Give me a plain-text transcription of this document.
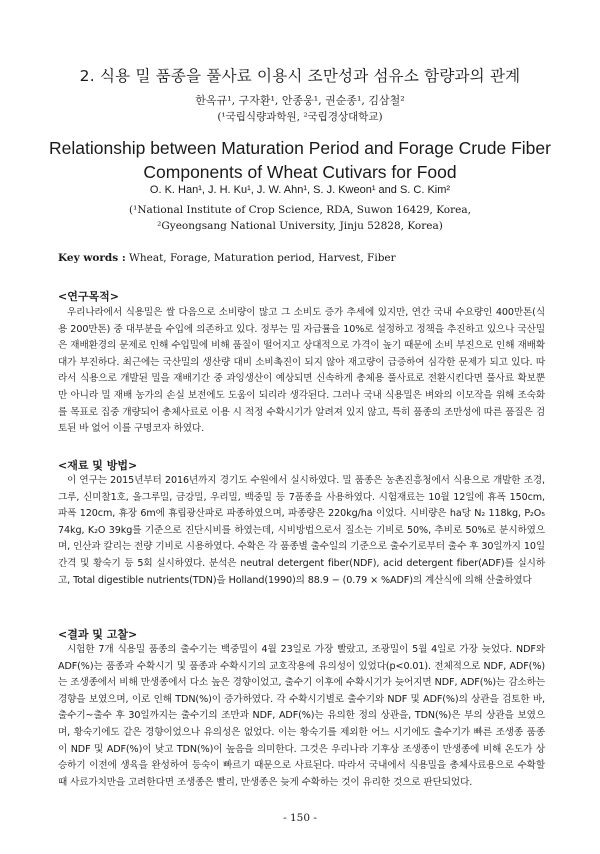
2. 식용 밀 품종을 풀사료 이용시 조만성과 섬유소 함량과의 관계
한옥규¹, 구자환¹, 안종웅¹, 권순종¹, 김삼철²
(¹국립식량과학원, ²국립경상대학교)
Relationship between Maturation Period and Forage Crude Fiber
Components of Wheat Cutivars for Food
O. K. Han¹, J. H. Ku¹, J. W. Ahn¹, S. J. Kweon¹ and S. C. Kim²
(¹National Institute of Crop Science, RDA, Suwon 16429, Korea,
²Gyeongsang National University, Jinju 52828, Korea)
Key words : Wheat, Forage, Maturation period, Harvest, Fiber
<연구목적>
우리나라에서 식용밀은 쌀 다음으로 소비량이 많고 그 소비도 증가 추세에 있지만, 연간 국내 수요량인 400만톤(식용 200만톤) 중 대부분을 수입에 의존하고 있다. 정부는 밀 자급률을 10%로 설정하고 정책을 추진하고 있으나 국산밀은 재배환경의 문제로 인해 수입밀에 비해 품질이 떨어지고 상대적으로 가격이 높기 때문에 소비 부진으로 인해 재배확대가 부진하다. 최근에는 국산밀의 생산량 대비 소비촉진이 되지 않아 재고량이 급증하여 심각한 문제가 되고 있다. 따라서 식용으로 개발된 밀을 재배기간 중 과잉생산이 예상되면 신속하게 총체용 풀사료로 전환시킨다면 풀사료 확보뿐만 아니라 밀 재배 농가의 손실 보전에도 도움이 되리라 생각된다. 그러나 국내 식용밀은 벼와의 이모작을 위해 조숙화를 목표로 집중 개량되어 총체사료로 이용 시 적정 수확시기가 알려져 있지 않고, 특히 품종의 조만성에 따른 품질은 검토된 바 없어 이를 구명코자 하였다.
<재료 및 방법>
이 연구는 2015년부터 2016년까지 경기도 수원에서 실시하였다. 밀 품종은 농촌진흥청에서 식용으로 개발한 조경, 그루, 신미찰1호, 올그루밀, 금강밀, 우리밀, 백중밀 등 7품종을 사용하였다. 시험재료는 10월 12일에 휴폭 150cm, 파폭 120cm, 휴장 6m에 휴립광산파로 파종하였으며, 파종량은 220kg/ha 이었다. 시비량은 ha당 N₂ 118kg, P₂O₅ 74kg, K₂O 39kg를 기준으로 진단시비를 하였는데, 시비방법으로서 질소는 기비로 50%, 추비로 50%로 분시하였으며, 인산과 칼리는 전량 기비로 시용하였다. 수확은 각 품종별 출수일의 기준으로 출수기로부터 출수 후 30일까지 10일 간격 및 황숙기 등 5회 실시하였다. 분석은 neutral detergent fiber(NDF), acid detergent fiber(ADF)를 실시하고, Total digestible nutrients(TDN)을 Holland(1990)의 88.9 − (0.79 × %ADF)의 계산식에 의해 산출하였다
<결과 및 고찰>
시험한 7개 식용밀 품종의 출수기는 백중밀이 4월 23일로 가장 빨랐고, 조광밀이 5월 4일로 가장 늦었다. NDF와 ADF(%)는 품종과 수확시기 및 품종과 수확시기의 교호작용에 유의성이 있었다(p<0.01). 전체적으로 NDF, ADF(%)는 조생종에서 비해 만생종에서 다소 높은 경향이었고, 출수기 이후에 수확시기가 늦어지면 NDF, ADF(%)는 감소하는 경향을 보였으며, 이로 인해 TDN(%)이 증가하였다. 각 수확시기별로 출수기와 NDF 및 ADF(%)의 상관을 검토한 바, 출수기~출수 후 30일까지는 출수기의 조만과 NDF, ADF(%)는 유의한 정의 상관을, TDN(%)은 부의 상관을 보였으며, 황숙기에도 같은 경향이었으나 유의성은 없었다. 이는 황숙기를 제외한 어느 시기에도 출수기가 빠른 조생종 품종이 NDF 및 ADF(%)이 낮고 TDN(%)이 높음을 의미한다. 그것은 우리나라 기후상 조생종이 만생종에 비해 온도가 상승하기 이전에 생육을 완성하여 등숙이 빠르기 때문으로 사료된다. 따라서 국내에서 식용밀을 총체사료용으로 수확할 때 사료가치만을 고려한다면 조생종은 빨리, 만생종은 늦게 수확하는 것이 유리한 것으로 판단되었다.
- 150 -
